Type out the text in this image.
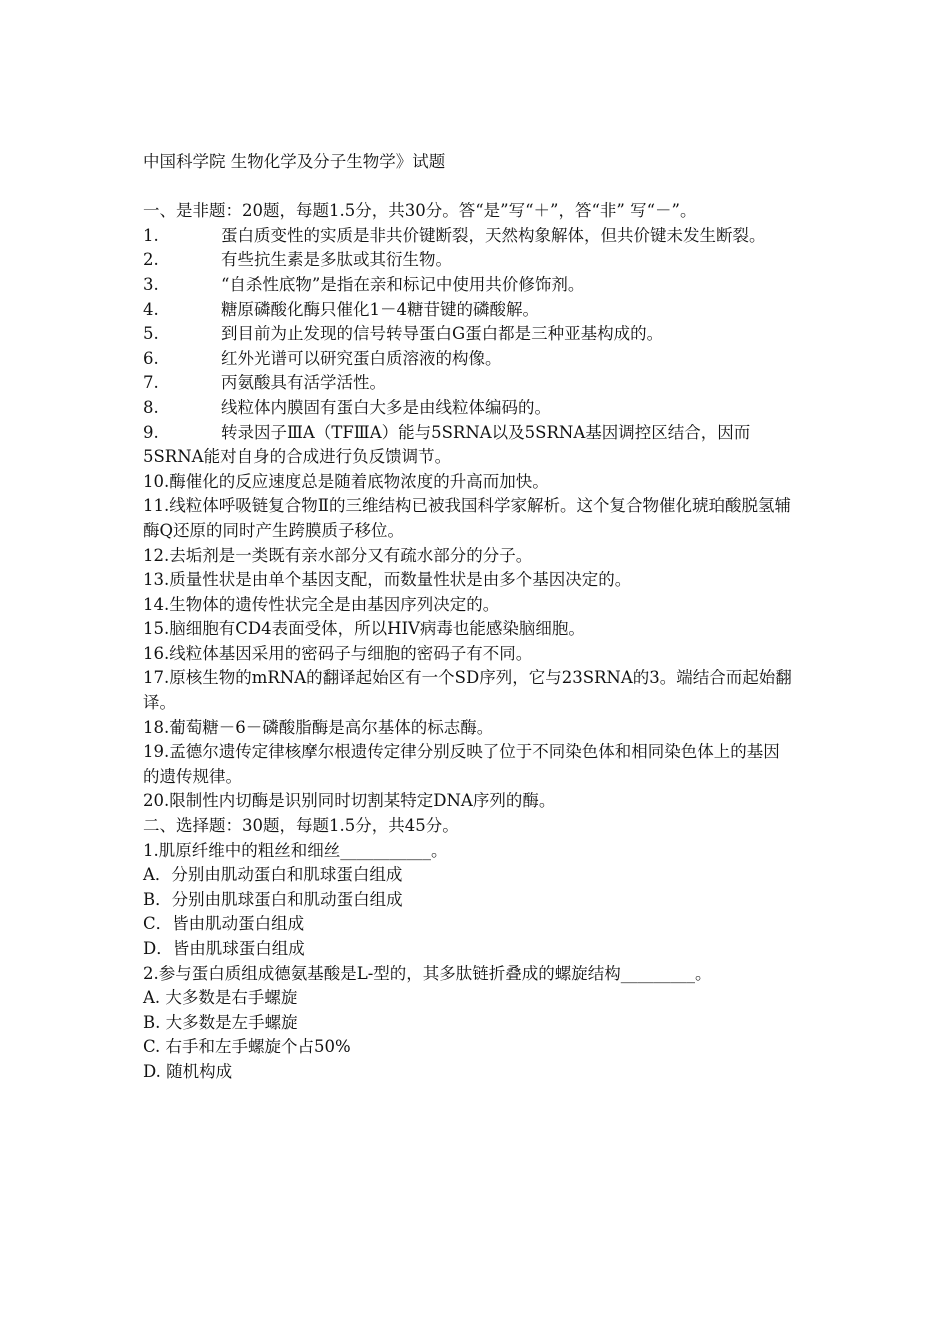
中国科学院 生物化学及分子生物学》试题

一、是非题：20题，每题1.5分，共30分。答“是”写“＋”，答“非” 写“－”。

1.	蛋白质变性的实质是非共价键断裂，天然构象解体，但共价键未发生断裂。

2.	有些抗生素是多肽或其衍生物。

3.	“自杀性底物”是指在亲和标记中使用共价修饰剂。

4.	糖原磷酸化酶只催化1－4糖苷键的磷酸解。

5.	到目前为止发现的信号转导蛋白G蛋白都是三种亚基构成的。

6.	红外光谱可以研究蛋白质溶液的构像。

7.	丙氨酸具有活学活性。

8.	线粒体内膜固有蛋白大多是由线粒体编码的。

9.	转录因子ⅢA（TFⅢA）能与5SRNA以及5SRNA基因调控区结合，因而5SRNA能对自身的合成进行负反馈调节。

10.酶催化的反应速度总是随着底物浓度的升高而加快。

11.线粒体呼吸链复合物Ⅱ的三维结构已被我国科学家解析。这个复合物催化琥珀酸脱氢辅酶Q还原的同时产生跨膜质子移位。

12.去垢剂是一类既有亲水部分又有疏水部分的分子。

13.质量性状是由单个基因支配，而数量性状是由多个基因决定的。

14.生物体的遗传性状完全是由基因序列决定的。

15.脑细胞有CD4表面受体，所以HIV病毒也能感染脑细胞。

16.线粒体基因采用的密码子与细胞的密码子有不同。

17.原核生物的mRNA的翻译起始区有一个SD序列，它与23SRNA的3。端结合而起始翻译。

18.葡萄糖－6－磷酸脂酶是高尔基体的标志酶。

19.孟德尔遗传定律核摩尔根遗传定律分别反映了位于不同染色体和相同染色体上的基因的遗传规律。

20.限制性内切酶是识别同时切割某特定DNA序列的酶。

二、选择题：30题，每题1.5分，共45分。

1.肌原纤维中的粗丝和细丝___________。

A．分别由肌动蛋白和肌球蛋白组成

B．分别由肌球蛋白和肌动蛋白组成

C．皆由肌动蛋白组成

D．皆由肌球蛋白组成

2.参与蛋白质组成德氨基酸是L-型的，其多肽链折叠成的螺旋结构_________。

A. 大多数是右手螺旋

B. 大多数是左手螺旋

C. 右手和左手螺旋个占50%

D. 随机构成
